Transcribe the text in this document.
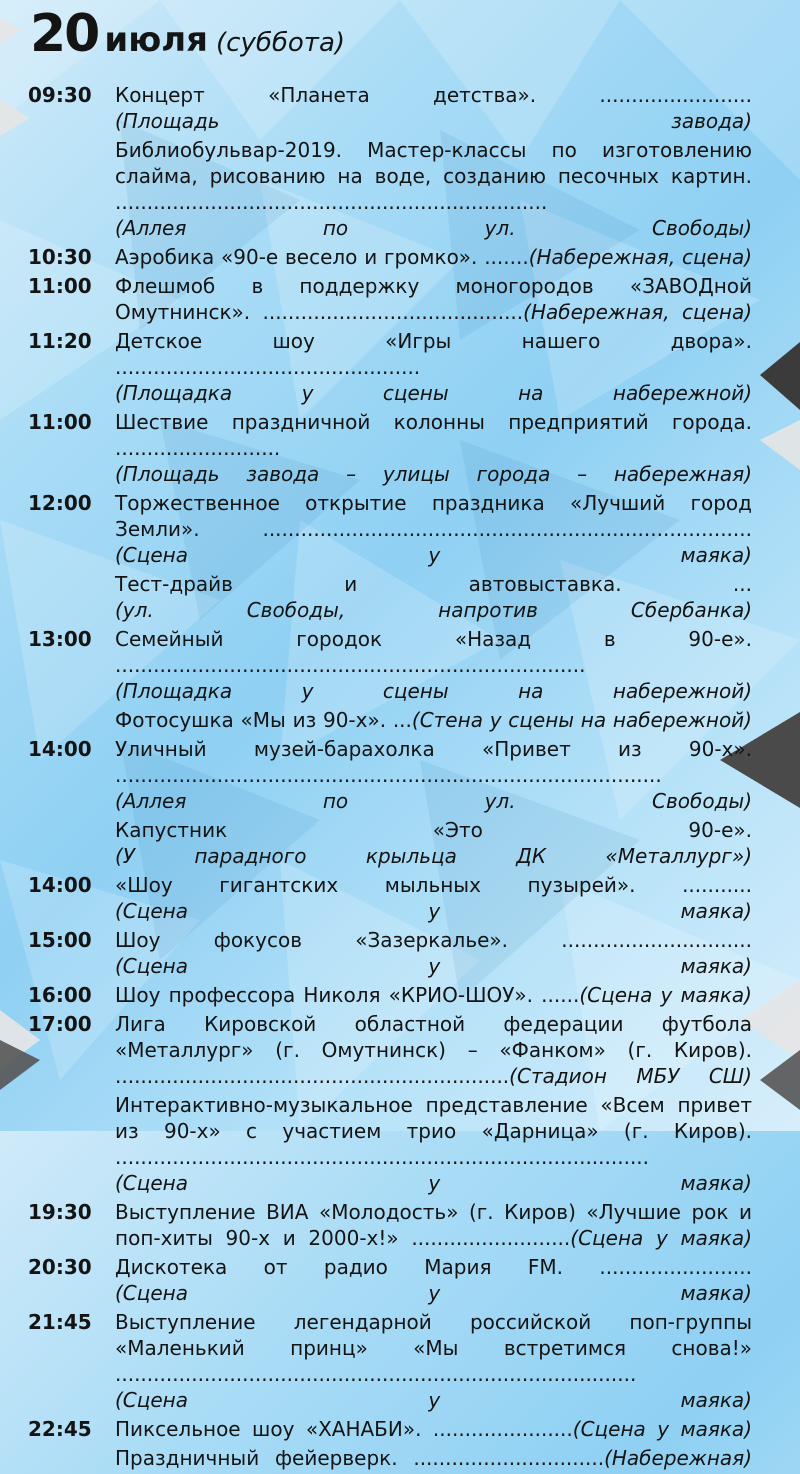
20 июля (суббота)
09:30	Концерт «Планета детства».	........................(Площадь завода)
Библиобульвар-2019. Мастер-классы по изготовлению слайма, рисованию на воде, созданию песочных картин. ....................................................................(Аллея по ул. Свободы)
10:30	Аэробика «90-е весело и громко». .......(Набережная, сцена)
11:00	Флешмоб в поддержку моногородов «ЗАВОДной Омутнинск». .........................................(Набережная, сцена)
11:20	Детское шоу «Игры нашего двора». ................................................(Площадка у сцены на набережной)
11:00	Шествие праздничной колонны предприятий города. ..........................(Площадь завода – улицы города – набережная)
12:00	Торжественное открытие праздника «Лучший город Земли».	.............................................................................(Сцена у маяка)
Тест-драйв и автовыставка.	...(ул. Свободы, напротив Сбербанка)
13:00	Семейный городок «Назад в 90-е». ..........................................................................(Площадка у сцены на набережной)
Фотосушка «Мы из 90-х». ...(Стена у сцены на набережной)
14:00	Уличный музей-барахолка «Привет из 90-х». ......................................................................................(Аллея по ул. Свободы)
Капустник «Это 90-е». (У парадного крыльца ДК «Металлург»)
14:00	«Шоу гигантских мыльных пузырей». ...........(Сцена у маяка)
15:00	Шоу фокусов «Зазеркалье».	..............................(Сцена у маяка)
16:00	Шоу профессора Николя «КРИО-ШОУ». ......(Сцена у маяка)
17:00	Лига Кировской областной федерации футбола «Металлург» (г. Омутнинск) – «Фанком» (г. Киров). ..............................................................(Стадион МБУ СШ)
Интерактивно-музыкальное представление «Всем привет из 90-х» с участием трио «Дарница» (г. Киров). ....................................................................................(Сцена у маяка)
19:30	Выступление ВИА «Молодость» (г. Киров) «Лучшие рок и поп-хиты 90-х и 2000-х!» .........................(Сцена у маяка)
20:30	Дискотека от радио Мария FM. ........................(Сцена у маяка)
21:45	Выступление легендарной российской поп-группы «Маленький принц» «Мы встретимся снова!» ..................................................................................(Сцена у маяка)
22:45	Пиксельное шоу «ХАНАБИ». ......................(Сцена у маяка)
Праздничный фейерверк. ..............................(Набережная)
